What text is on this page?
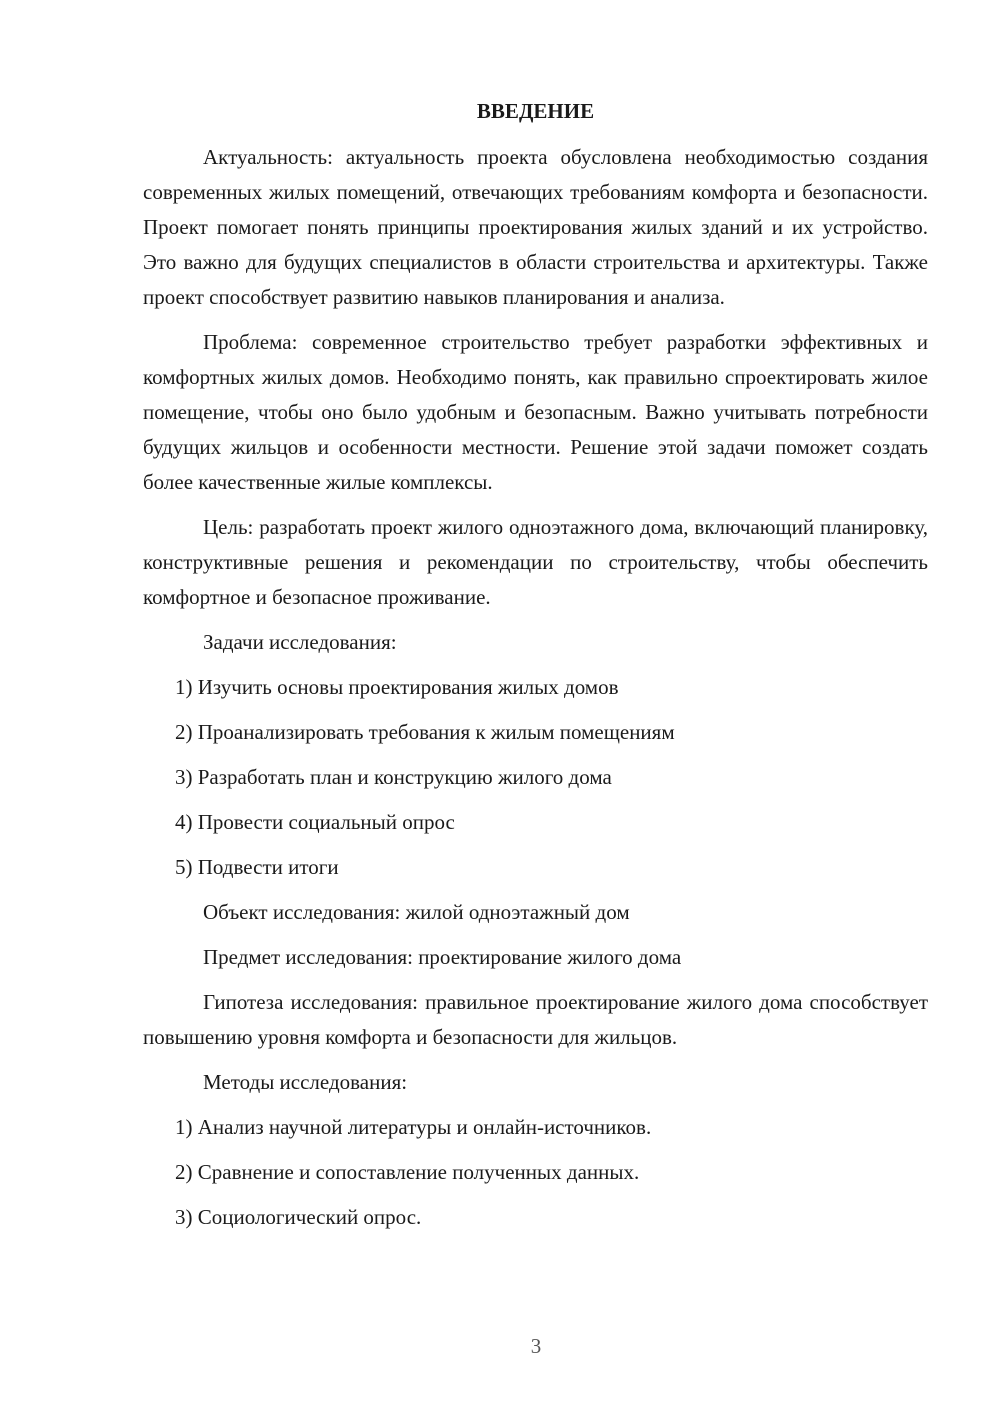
ВВЕДЕНИЕ

Актуальность: актуальность проекта обусловлена необходимостью создания современных жилых помещений, отвечающих требованиям комфорта и безопасности. Проект помогает понять принципы проектирования жилых зданий и их устройство. Это важно для будущих специалистов в области строительства и архитектуры. Также проект способствует развитию навыков планирования и анализа.

Проблема: современное строительство требует разработки эффективных и комфортных жилых домов. Необходимо понять, как правильно спроектировать жилое помещение, чтобы оно было удобным и безопасным. Важно учитывать потребности будущих жильцов и особенности местности. Решение этой задачи поможет создать более качественные жилые комплексы.

Цель: разработать проект жилого одноэтажного дома, включающий планировку, конструктивные решения и рекомендации по строительству, чтобы обеспечить комфортное и безопасное проживание.

Задачи исследования:

1) Изучить основы проектирования жилых домов
2) Проанализировать требования к жилым помещениям
3) Разработать план и конструкцию жилого дома
4) Провести социальный опрос
5) Подвести итоги

Объект исследования: жилой одноэтажный дом

Предмет исследования: проектирование жилого дома

Гипотеза исследования: правильное проектирование жилого дома способствует повышению уровня комфорта и безопасности для жильцов.

Методы исследования:

1) Анализ научной литературы и онлайн-источников.
2) Сравнение и сопоставление полученных данных.
3) Социологический опрос.
3
